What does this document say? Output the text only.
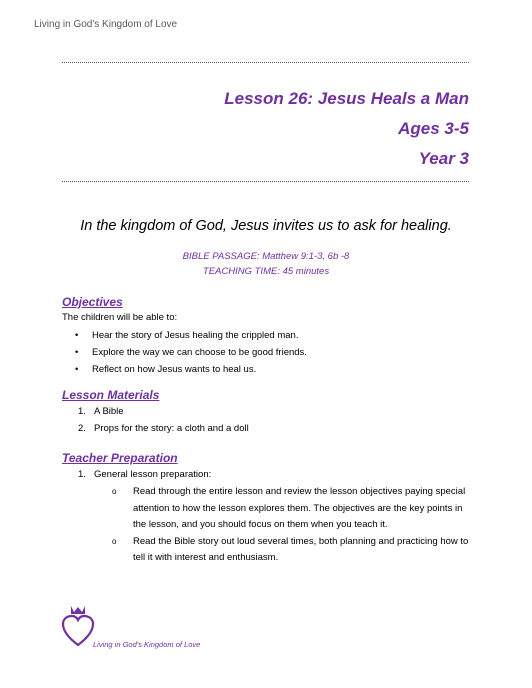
Living in God's Kingdom of Love
Lesson 26: Jesus Heals a Man
Ages 3-5
Year 3
In the kingdom of God, Jesus invites us to ask for healing.
BIBLE PASSAGE: Matthew 9:1-3, 6b -8
TEACHING TIME: 45 minutes
Objectives
The children will be able to:
• Hear the story of Jesus healing the crippled man.
• Explore the way we can choose to be good friends.
• Reflect on how Jesus wants to heal us.
Lesson Materials
1. A Bible
2. Props for the story: a cloth and a doll
Teacher Preparation
1. General lesson preparation:
o Read through the entire lesson and review the lesson objectives paying special attention to how the lesson explores them. The objectives are the key points in the lesson, and you should focus on them when you teach it.
o Read the Bible story out loud several times, both planning and practicing how to tell it with interest and enthusiasm.
Living in God's Kingdom of Love
